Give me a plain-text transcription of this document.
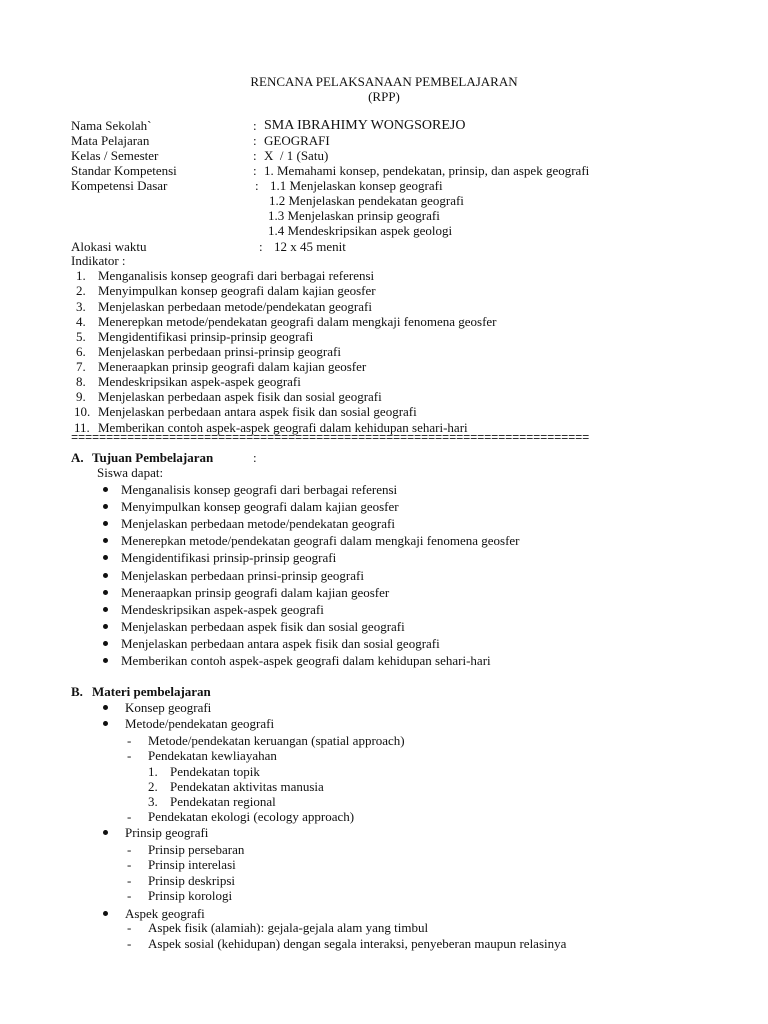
RENCANA PELAKSANAAN PEMBELAJARAN
(RPP)
Nama Sekolah`	: SMA IBRAHIMY WONGSOREJO
Mata Pelajaran	: GEOGRAFI
Kelas / Semester	: X  / 1 (Satu)
Standar Kompetensi	: 1. Memahami konsep, pendekatan, prinsip, dan aspek geografi
Kompetensi Dasar	: 1.1 Menjelaskan konsep geografi
1.2 Menjelaskan pendekatan geografi
1.3 Menjelaskan prinsip geografi
1.4 Mendeskripsikan aspek geologi
Alokasi waktu	: 12 x 45 menit
Indikator :
1. Menganalisis konsep geografi dari berbagai referensi
2. Menyimpulkan konsep geografi dalam kajian geosfer
3. Menjelaskan perbedaan metode/pendekatan geografi
4. Menerepkan metode/pendekatan geografi dalam mengkaji fenomena geosfer
5. Mengidentifikasi prinsip-prinsip geografi
6. Menjelaskan perbedaan prinsi-prinsip geografi
7. Meneraapkan prinsip geografi dalam kajian geosfer
8. Mendeskripsikan aspek-aspek geografi
9. Menjelaskan perbedaan aspek fisik dan sosial geografi
10. Menjelaskan perbedaan antara aspek fisik dan sosial geografi
11. Memberikan contoh aspek-aspek geografi dalam kehidupan sehari-hari
==========================================================================
A. Tujuan Pembelajaran	:
Siswa dapat:
Menganalisis konsep geografi dari berbagai referensi
Menyimpulkan konsep geografi dalam kajian geosfer
Menjelaskan perbedaan metode/pendekatan geografi
Menerepkan metode/pendekatan geografi dalam mengkaji fenomena geosfer
Mengidentifikasi prinsip-prinsip geografi
Menjelaskan perbedaan prinsi-prinsip geografi
Meneraapkan prinsip geografi dalam kajian geosfer
Mendeskripsikan aspek-aspek geografi
Menjelaskan perbedaan aspek fisik dan sosial geografi
Menjelaskan perbedaan antara aspek fisik dan sosial geografi
Memberikan contoh aspek-aspek geografi dalam kehidupan sehari-hari
B. Materi pembelajaran
Konsep geografi
Metode/pendekatan geografi
- Metode/pendekatan keruangan (spatial approach)
- Pendekatan kewliayahan
1. Pendekatan topik
2. Pendekatan aktivitas manusia
3. Pendekatan regional
- Pendekatan ekologi (ecology approach)
Prinsip geografi
- Prinsip persebaran
- Prinsip interelasi
- Prinsip deskripsi
- Prinsip korologi
Aspek geografi
- Aspek fisik (alamiah): gejala-gejala alam yang timbul
- Aspek sosial (kehidupan) dengan segala interaksi, penyeberan maupun relasinya
